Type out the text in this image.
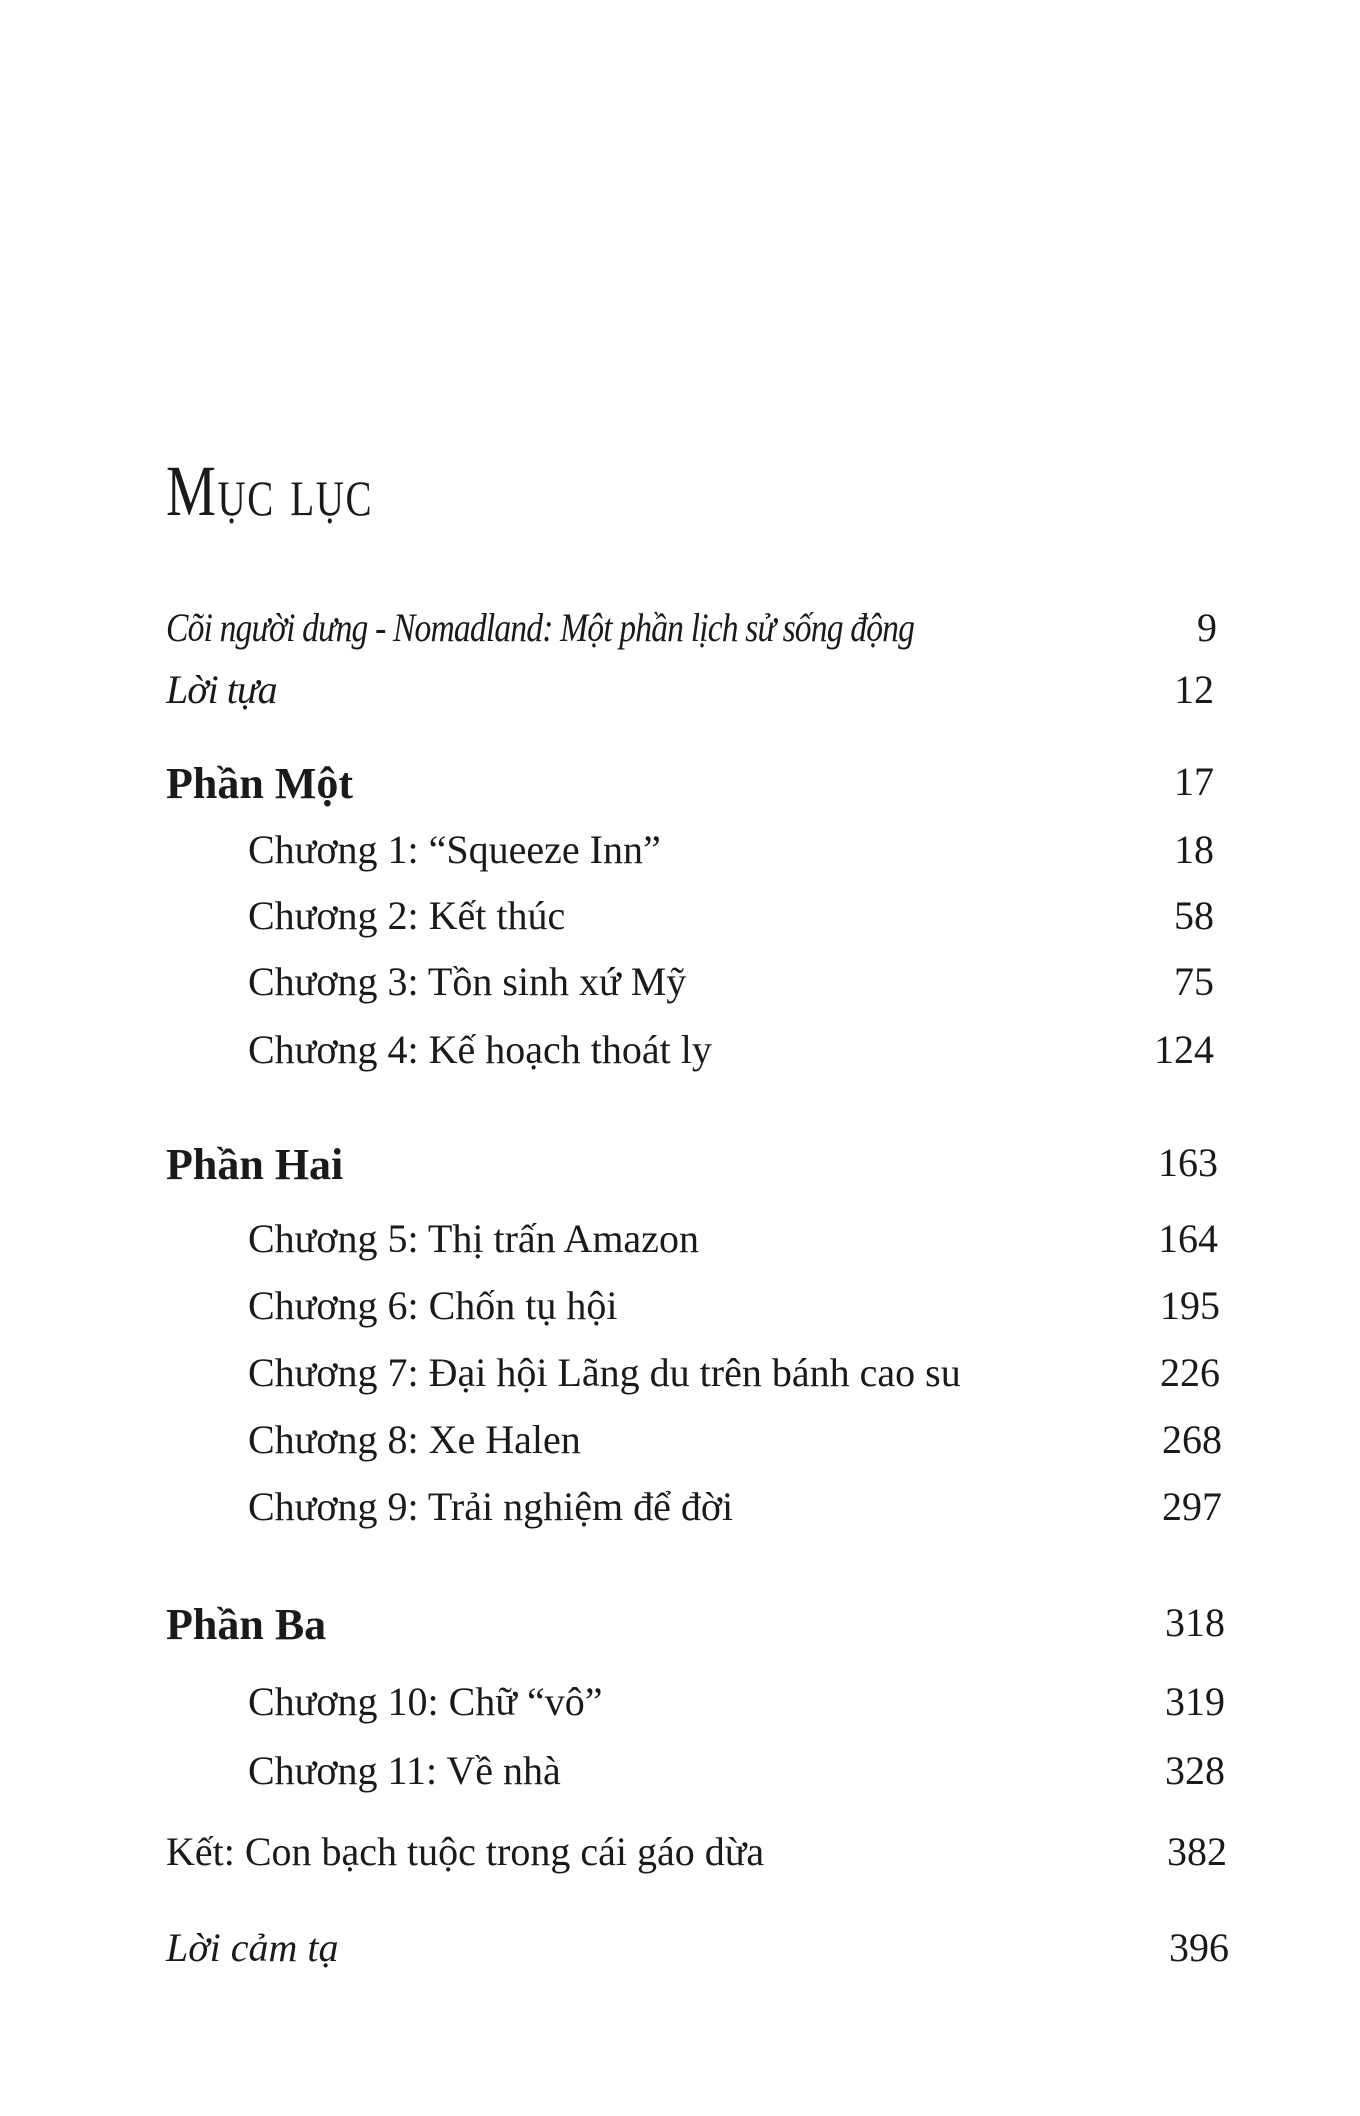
Mục lục
Cõi người dưng - Nomadland: Một phần lịch sử sống động	9
Lời tựa	12
Phần Một	17
Chương 1: “Squeeze Inn”	18
Chương 2: Kết thúc	58
Chương 3: Tồn sinh xứ Mỹ	75
Chương 4: Kế hoạch thoát ly	124
Phần Hai	163
Chương 5: Thị trấn Amazon	164
Chương 6: Chốn tụ hội	195
Chương 7: Đại hội Lãng du trên bánh cao su	226
Chương 8: Xe Halen	268
Chương 9: Trải nghiệm để đời	297
Phần Ba	318
Chương 10: Chữ “vô”	319
Chương 11: Về nhà	328
Kết: Con bạch tuộc trong cái gáo dừa	382
Lời cảm tạ	396
